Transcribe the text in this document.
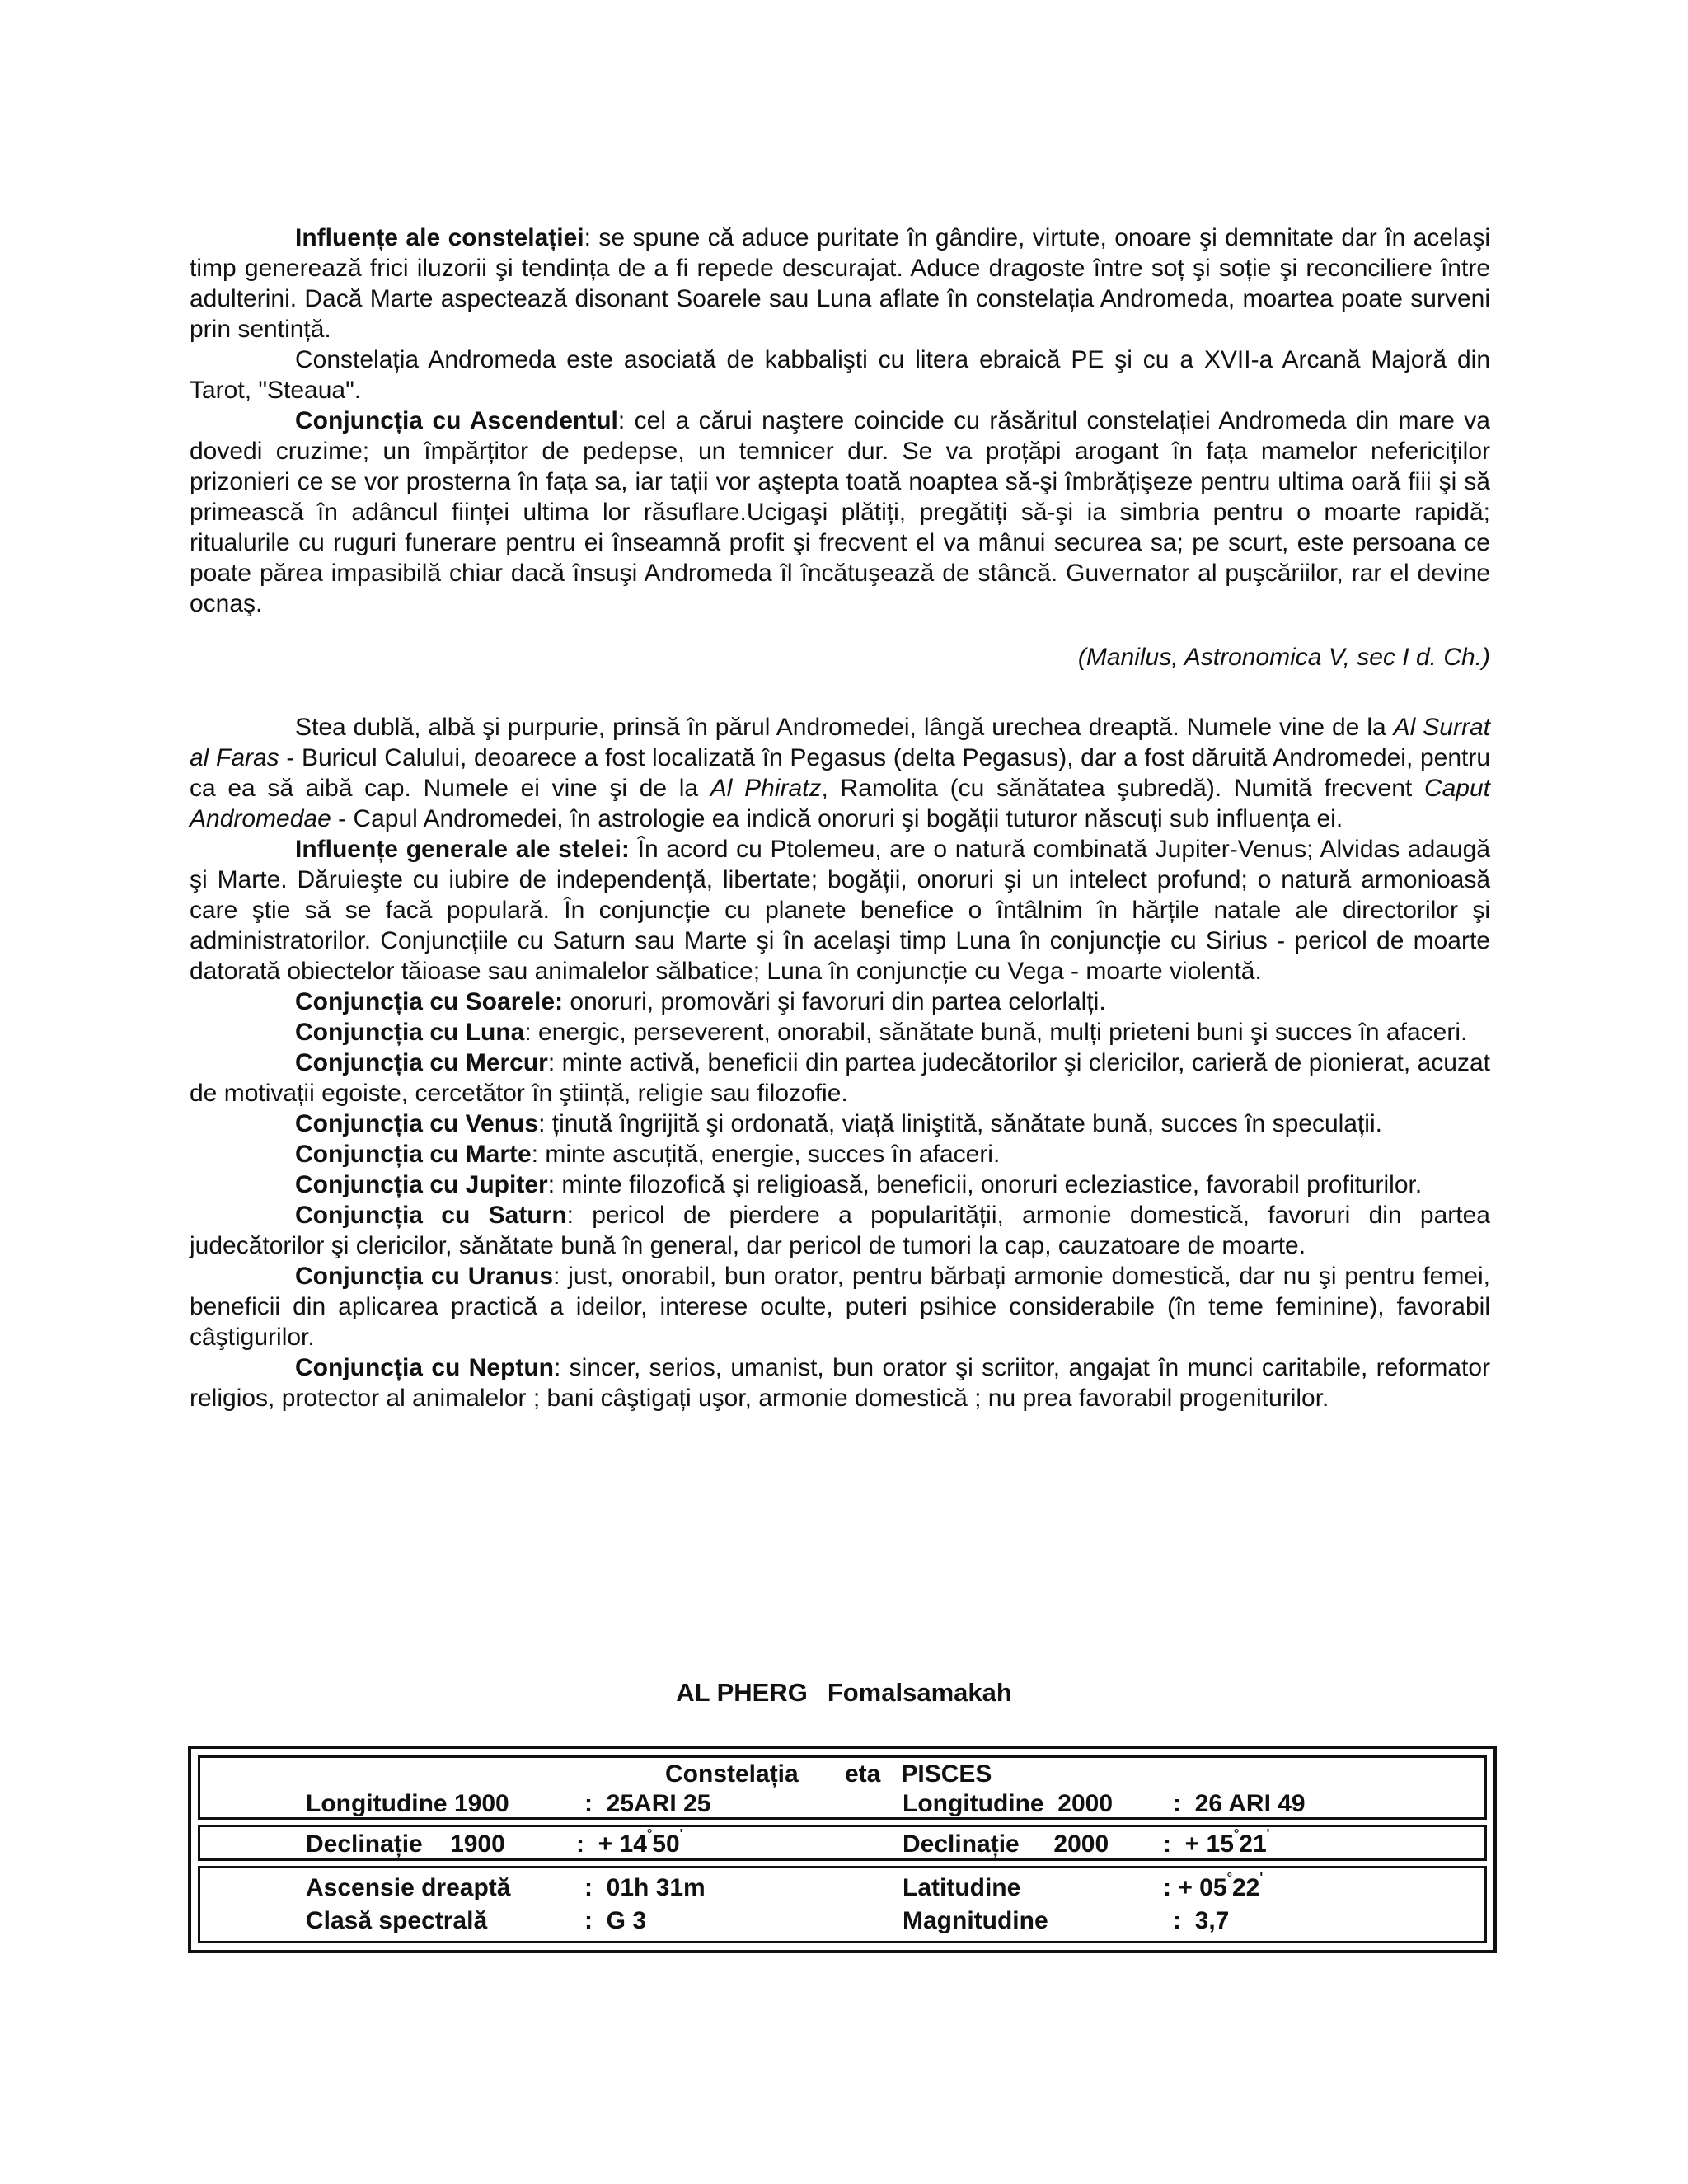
Influențe ale constelației: se spune că aduce puritate în gândire, virtute, onoare şi demnitate dar în acelaşi timp generează frici iluzorii şi tendința de a fi repede descurajat. Aduce dragoste între soț şi soție şi reconciliere între adulterini. Dacă Marte aspectează disonant Soarele sau Luna aflate în constelația Andromeda, moartea poate surveni prin sentință.

Constelația Andromeda este asociată de kabbalişti cu litera ebraică PE şi cu a XVII-a Arcană Majoră din Tarot, "Steaua".

Conjuncția cu Ascendentul: cel a cărui naştere coincide cu răsăritul constelației Andromeda din mare va dovedi cruzime; un împărțitor de pedepse, un temnicer dur. Se va proțăpi arogant în fața mamelor nefericiților prizonieri ce se vor prosterna în fața sa, iar tații vor aştepta toată noaptea să-şi îmbrățişeze pentru ultima oară fiii şi să primească în adâncul ființei ultima lor răsuflare.Ucigaşi plătiți, pregătiți să-şi ia simbria pentru o moarte rapidă; ritualurile cu ruguri funerare pentru ei înseamnă profit şi frecvent el va mânui securea sa; pe scurt, este persoana ce poate părea impasibilă chiar dacă însuşi Andromeda îl încătuşează de stâncă. Guvernator al puşcăriilor, rar el devine ocnaş.

(Manilus, Astronomica V, sec I d. Ch.)

Stea dublă, albă şi purpurie, prinsă în părul Andromedei, lângă urechea dreaptă. Numele vine de la Al Surrat al Faras - Buricul Calului, deoarece a fost localizată în Pegasus (delta Pegasus), dar a fost dăruită Andromedei, pentru ca ea să aibă cap. Numele ei vine şi de la Al Phiratz, Ramolita (cu sănătatea şubredă). Numită frecvent Caput Andromedae - Capul Andromedei, în astrologie ea indică onoruri şi bogății tuturor născuți sub influența ei.

Influențe generale ale stelei: În acord cu Ptolemeu, are o natură combinată Jupiter-Venus; Alvidas adaugă şi Marte. Dăruieşte cu iubire de independență, libertate; bogății, onoruri şi un intelect profund; o natură armonioasă care ştie să se facă populară. În conjuncție cu planete benefice o întâlnim în hărțile natale ale directorilor şi administratorilor. Conjuncțiile cu Saturn sau Marte şi în acelaşi timp Luna în conjuncție cu Sirius - pericol de moarte datorată obiectelor tăioase sau animalelor sălbatice; Luna în conjuncție cu Vega - moarte violentă.

Conjuncția cu Soarele: onoruri, promovări şi favoruri din partea celorlalți.

Conjuncția cu Luna: energic, perseverent, onorabil, sănătate bună, mulți prieteni buni şi succes în afaceri.

Conjuncția cu Mercur: minte activă, beneficii din partea judecătorilor şi clericilor, carieră de pionierat, acuzat de motivații egoiste, cercetător în ştiință, religie sau filozofie.

Conjuncția cu Venus: ținută îngrijită şi ordonată, viață liniştită, sănătate bună, succes în speculații.

Conjuncția cu Marte: minte ascuțită, energie, succes în afaceri.

Conjuncția cu Jupiter: minte filozofică şi religioasă, beneficii, onoruri ecleziastice, favorabil profiturilor.

Conjuncția cu Saturn: pericol de pierdere a popularității, armonie domestică, favoruri din partea judecătorilor şi clericilor, sănătate bună în general, dar pericol de tumori la cap, cauzatoare de moarte.

Conjuncția cu Uranus: just, onorabil, bun orator, pentru bărbați armonie domestică, dar nu şi pentru femei, beneficii din aplicarea practică a ideilor, interese oculte, puteri psihice considerabile (în teme feminine), favorabil câştigurilor.

Conjuncția cu Neptun: sincer, serios, umanist, bun orator şi scriitor, angajat în munci caritabile, reformator religios, protector al animalelor ; bani câştigați uşor, armonie domestică ; nu prea favorabil progeniturilor.

AL PHERG Fomalsamakah
Constelația eta   PISCES
Longitudine 1900	:  25ARI 25	Longitudine  2000 :  26 ARI 49
Declinație    1900	:  + 14°50'	Declinație     2000 :  + 15°21'
Ascensie dreaptă	:  01h 31m	Latitudine	: + 05°22'
Clasă spectrală	:  G 3	Magnitudine	:  3,7
